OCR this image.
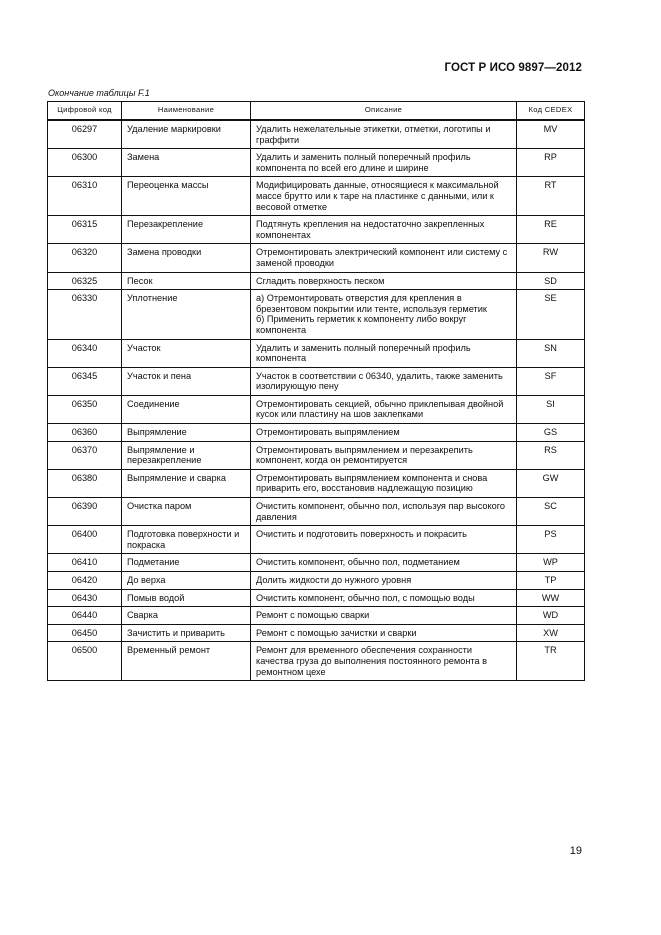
ГОСТ Р ИСО 9897—2012
Окончание таблицы F.1
Цифровой код	Наименование	Описание	Код CEDEX
06297	Удаление маркировки	Удалить нежелательные этикетки, отметки, логотипы и граффити	MV
06300	Замена	Удалить и заменить полный поперечный профиль компонента по всей его длине и ширине	RP
06310	Переоценка массы	Модифицировать данные, относящиеся к максимальной массе брутто или к таре на пластинке с данными, или к весовой отметке	RT
06315	Перезакрепление	Подтянуть крепления на недостаточно закрепленных компонентах	RE
06320	Замена проводки	Отремонтировать электрический компонент или систему с заменой проводки	RW
06325	Песок	Сгладить поверхность песком	SD
06330	Уплотнение	а) Отремонтировать отверстия для крепления в брезентовом покрытии или тенте, используя герметик
б) Применить герметик к компоненту либо вокруг компонента	SE
06340	Участок	Удалить и заменить полный поперечный профиль компонента	SN
06345	Участок и пена	Участок в соответствии с 06340, удалить, также заменить изолирующую пену	SF
06350	Соединение	Отремонтировать секцией, обычно приклепывая двойной кусок или пластину на шов заклепками	SI
06360	Выпрямление	Отремонтировать выпрямлением	GS
06370	Выпрямление и перезакрепление	Отремонтировать выпрямлением и перезакрепить компонент, когда он ремонтируется	RS
06380	Выпрямление и сварка	Отремонтировать выпрямлением компонента и снова приварить его, восстановив надлежащую позицию	GW
06390	Очистка паром	Очистить компонент, обычно пол, используя пар высокого давления	SC
06400	Подготовка поверхности и покраска	Очистить и подготовить поверхность и покрасить	PS
06410	Подметание	Очистить компонент, обычно пол, подметанием	WP
06420	До верха	Долить жидкости до нужного уровня	TP
06430	Помыв водой	Очистить компонент, обычно пол, с помощью воды	WW
06440	Сварка	Ремонт с помощью сварки	WD
06450	Зачистить и приварить	Ремонт с помощью зачистки и сварки	XW
06500	Временный ремонт	Ремонт для временного обеспечения сохранности качества груза до выполнения постоянного ремонта в ремонтном цехе	TR
19
